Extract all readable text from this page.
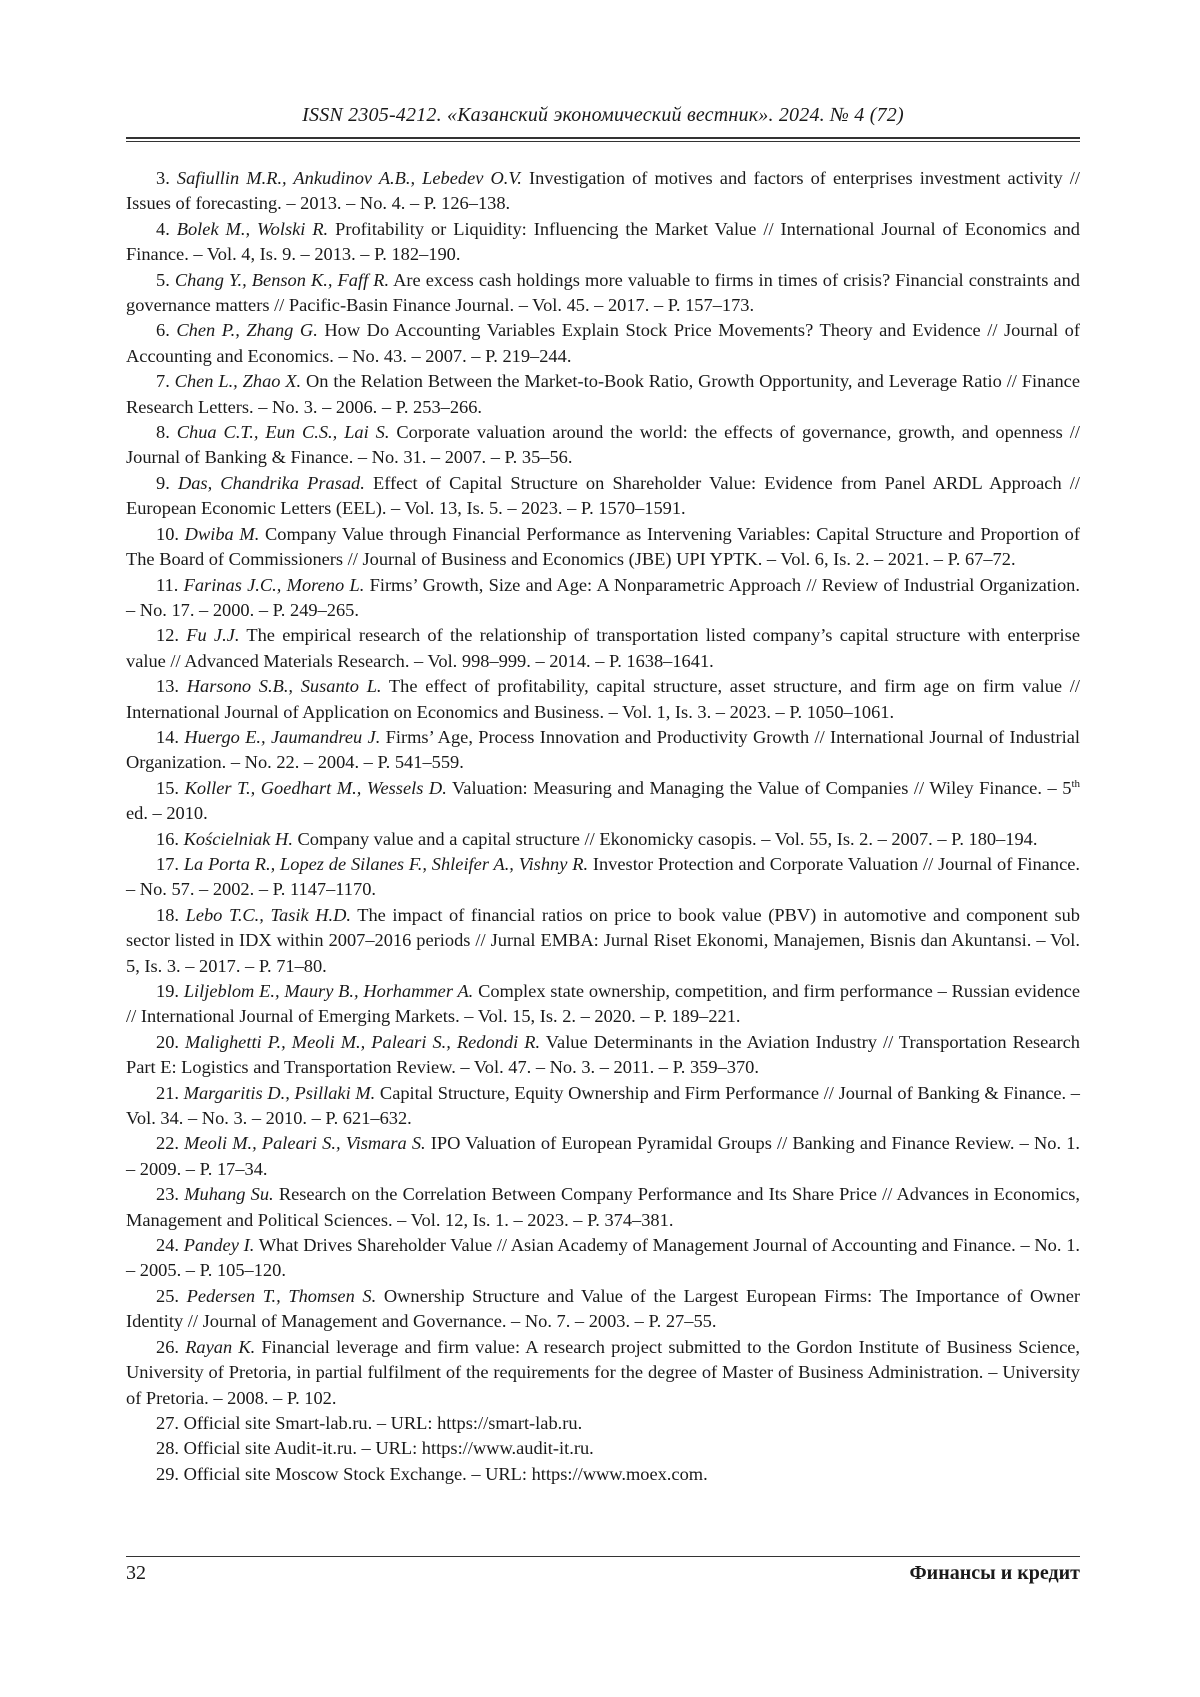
ISSN 2305-4212. «Казанский экономический вестник». 2024. № 4 (72)

3. Safiullin M.R., Ankudinov A.B., Lebedev O.V. Investigation of motives and factors of enterprises investment activity // Issues of forecasting. – 2013. – No. 4. – P. 126–138.

4. Bolek M., Wolski R. Profitability or Liquidity: Influencing the Market Value // International Journal of Economics and Finance. – Vol. 4, Is. 9. – 2013. – P. 182–190.

5. Chang Y., Benson K., Faff R. Are excess cash holdings more valuable to firms in times of crisis? Financial constraints and governance matters // Pacific-Basin Finance Journal. – Vol. 45. – 2017. – P. 157–173.

6. Chen P., Zhang G. How Do Accounting Variables Explain Stock Price Movements? Theory and Evidence // Journal of Accounting and Economics. – No. 43. – 2007. – P. 219–244.

7. Chen L., Zhao X. On the Relation Between the Market-to-Book Ratio, Growth Opportunity, and Leverage Ratio // Finance Research Letters. – No. 3. – 2006. – P. 253–266.

8. Chua C.T., Eun C.S., Lai S. Corporate valuation around the world: the effects of governance, growth, and openness // Journal of Banking & Finance. – No. 31. – 2007. – P. 35–56.

9. Das, Chandrika Prasad. Effect of Capital Structure on Shareholder Value: Evidence from Panel ARDL Approach // European Economic Letters (EEL). – Vol. 13, Is. 5. – 2023. – P. 1570–1591.

10. Dwiba M. Company Value through Financial Performance as Intervening Variables: Capital Structure and Proportion of The Board of Commissioners // Journal of Business and Economics (JBE) UPI YPTK. – Vol. 6, Is. 2. – 2021. – P. 67–72.

11. Farinas J.C., Moreno L. Firms’ Growth, Size and Age: A Nonparametric Approach // Review of Industrial Organization. – No. 17. – 2000. – P. 249–265.

12. Fu J.J. The empirical research of the relationship of transportation listed company’s capital structure with enterprise value // Advanced Materials Research. – Vol. 998–999. – 2014. – P. 1638–1641.

13. Harsono S.B., Susanto L. The effect of profitability, capital structure, asset structure, and firm age on firm value // International Journal of Application on Economics and Business. – Vol. 1, Is. 3. – 2023. – P. 1050–1061.

14. Huergo E., Jaumandreu J. Firms’ Age, Process Innovation and Productivity Growth // International Journal of Industrial Organization. – No. 22. – 2004. – P. 541–559.

15. Koller T., Goedhart M., Wessels D. Valuation: Measuring and Managing the Value of Companies // Wiley Finance. – 5th ed. – 2010.

16. Kościelniak H. Company value and a capital structure // Ekonomicky casopis. – Vol. 55, Is. 2. – 2007. – P. 180–194.

17. La Porta R., Lopez de Silanes F., Shleifer A., Vishny R. Investor Protection and Corporate Valuation // Journal of Finance. – No. 57. – 2002. – P. 1147–1170.

18. Lebo T.C., Tasik H.D. The impact of financial ratios on price to book value (PBV) in automotive and component sub sector listed in IDX within 2007–2016 periods // Jurnal EMBA: Jurnal Riset Ekonomi, Manajemen, Bisnis dan Akuntansi. – Vol. 5, Is. 3. – 2017. – P. 71–80.

19. Liljeblom E., Maury B., Horhammer A. Complex state ownership, competition, and firm performance – Russian evidence // International Journal of Emerging Markets. – Vol. 15, Is. 2. – 2020. – P. 189–221.

20. Malighetti P., Meoli M., Paleari S., Redondi R. Value Determinants in the Aviation Industry // Transportation Research Part E: Logistics and Transportation Review. – Vol. 47. – No. 3. – 2011. – P. 359–370.

21. Margaritis D., Psillaki M. Capital Structure, Equity Ownership and Firm Performance // Journal of Banking & Finance. – Vol. 34. – No. 3. – 2010. – P. 621–632.

22. Meoli M., Paleari S., Vismara S. IPO Valuation of European Pyramidal Groups // Banking and Finance Review. – No. 1. – 2009. – P. 17–34.

23. Muhang Su. Research on the Correlation Between Company Performance and Its Share Price // Advances in Economics, Management and Political Sciences. – Vol. 12, Is. 1. – 2023. – P. 374–381.

24. Pandey I. What Drives Shareholder Value // Asian Academy of Management Journal of Accounting and Finance. – No. 1. – 2005. – P. 105–120.

25. Pedersen T., Thomsen S. Ownership Structure and Value of the Largest European Firms: The Importance of Owner Identity // Journal of Management and Governance. – No. 7. – 2003. – P. 27–55.

26. Rayan K. Financial leverage and firm value: A research project submitted to the Gordon Institute of Business Science, University of Pretoria, in partial fulfilment of the requirements for the degree of Master of Business Administration. – University of Pretoria. – 2008. – P. 102.

27. Official site Smart-lab.ru. – URL: https://smart-lab.ru.

28. Official site Audit-it.ru. – URL: https://www.audit-it.ru.

29. Official site Moscow Stock Exchange. – URL: https://www.moex.com.

32	Финансы и кредит
